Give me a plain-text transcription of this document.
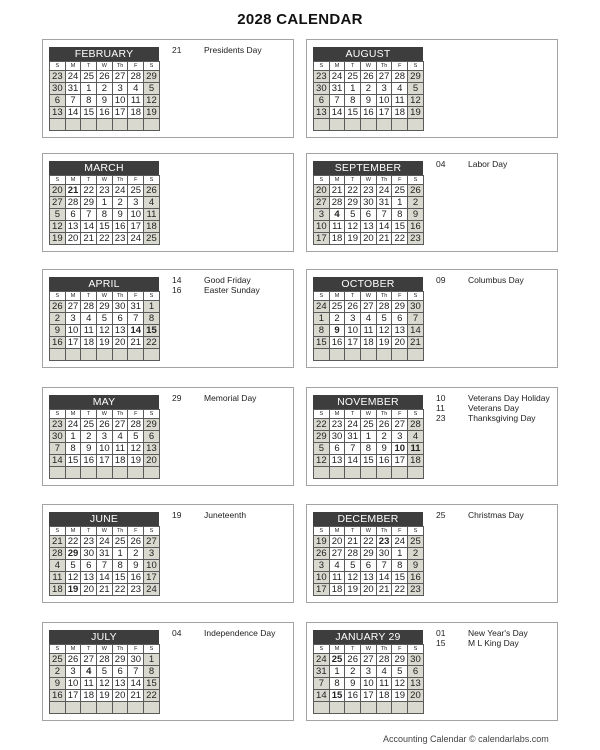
2028 CALENDAR
FEBRUARY
S	M	T	W	Th	F	S
23	24	25	26	27	28	29
30	31	1	2	3	4	5
6	7	8	9	10	11	12
13	14	15	16	17	18	19

21	Presidents Day
MARCH
S	M	T	W	Th	F	S
20	21	22	23	24	25	26
27	28	29	1	2	3	4
5	6	7	8	9	10	11
12	13	14	15	16	17	18
19	20	21	22	23	24	25
APRIL
S	M	T	W	Th	F	S
26	27	28	29	30	31	1
2	3	4	5	6	7	8
9	10	11	12	13	14	15
16	17	18	19	20	21	22

14	Good Friday
16	Easter Sunday
MAY
S	M	T	W	Th	F	S
23	24	25	26	27	28	29
30	1	2	3	4	5	6
7	8	9	10	11	12	13
14	15	16	17	18	19	20

29	Memorial Day
JUNE
S	M	T	W	Th	F	S
21	22	23	24	25	26	27
28	29	30	31	1	2	3
4	5	6	7	8	9	10
11	12	13	14	15	16	17
18	19	20	21	22	23	24
19	Juneteenth
JULY
S	M	T	W	Th	F	S
25	26	27	28	29	30	1
2	3	4	5	6	7	8
9	10	11	12	13	14	15
16	17	18	19	20	21	22

04	Independence Day
AUGUST
S	M	T	W	Th	F	S
23	24	25	26	27	28	29
30	31	1	2	3	4	5
6	7	8	9	10	11	12
13	14	15	16	17	18	19

SEPTEMBER
S	M	T	W	Th	F	S
20	21	22	23	24	25	26
27	28	29	30	31	1	2
3	4	5	6	7	8	9
10	11	12	13	14	15	16
17	18	19	20	21	22	23
04	Labor Day
OCTOBER
S	M	T	W	Th	F	S
24	25	26	27	28	29	30
1	2	3	4	5	6	7
8	9	10	11	12	13	14
15	16	17	18	19	20	21

09	Columbus Day
NOVEMBER
S	M	T	W	Th	F	S
22	23	24	25	26	27	28
29	30	31	1	2	3	4
5	6	7	8	9	10	11
12	13	14	15	16	17	18

10	Veterans Day Holiday
11	Veterans Day
23	Thanksgiving Day
DECEMBER
S	M	T	W	Th	F	S
19	20	21	22	23	24	25
26	27	28	29	30	1	2
3	4	5	6	7	8	9
10	11	12	13	14	15	16
17	18	19	20	21	22	23
25	Christmas Day
JANUARY 29
S	M	T	W	Th	F	S
24	25	26	27	28	29	30
31	1	2	3	4	5	6
7	8	9	10	11	12	13
14	15	16	17	18	19	20

01	New Year's Day
15	M L King Day
Accounting Calendar © calendarlabs.com
